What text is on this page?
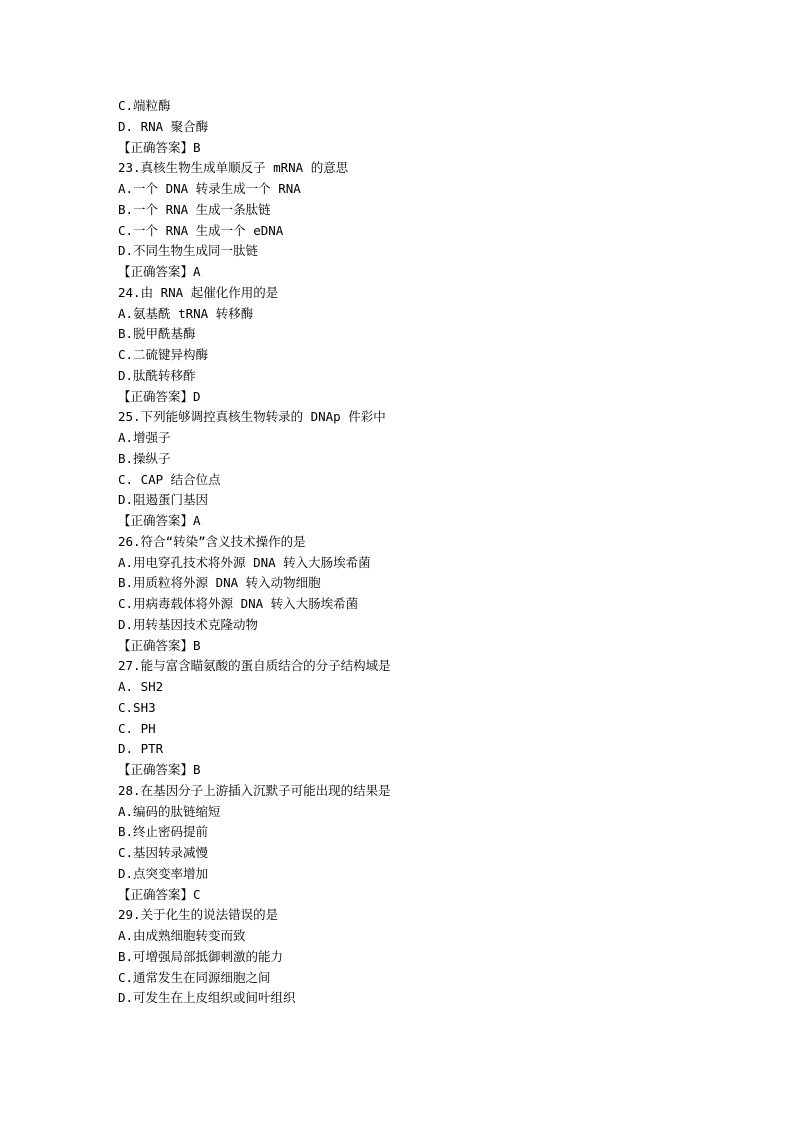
C.端粒酶
D. RNA 聚合酶
【正确答案】B
23.真核生物生成单顺反子 mRNA 的意思
A.一个 DNA 转录生成一个 RNA
B.一个 RNA 生成一条肽链
C.一个 RNA 生成一个 eDNA
D.不同生物生成同一肽链
【正确答案】A
24.由 RNA 起催化作用的是
A.氨基酰 tRNA 转移酶
B.脱甲酰基酶
C.二硫键异构酶
D.肽酰转移酢
【正确答案】D
25.下列能够调控真核生物转录的 DNAp 件彩中
A.增强子
B.操纵子
C. CAP 结合位点
D.阻遏蛋门基因
【正确答案】A
26.符合“转染”含义技术操作的是
A.用电穿孔技术将外源 DNA 转入大肠埃希菌
B.用质粒将外源 DNA 转入动物细胞
C.用病毒载体将外源 DNA 转入大肠埃希菌
D.用转基因技术克隆动物
【正确答案】B
27.能与富含瞄氨酸的蛋自质结合的分子结构域是
A. SH2
C.SH3
C. PH
D. PTR
【正确答案】B
28.在基因分子上游插入沉默子可能出现的结果是
A.编码的肽链缩短
B.终止密码提前
C.基因转录减慢
D.点突变率增加
【正确答案】C
29.关于化生的说法错误的是
A.由成熟细胞转变而致
B.可增强局部抵御刺激的能力
C.通常发生在同源细胞之间
D.可发生在上皮组织或间叶组织
